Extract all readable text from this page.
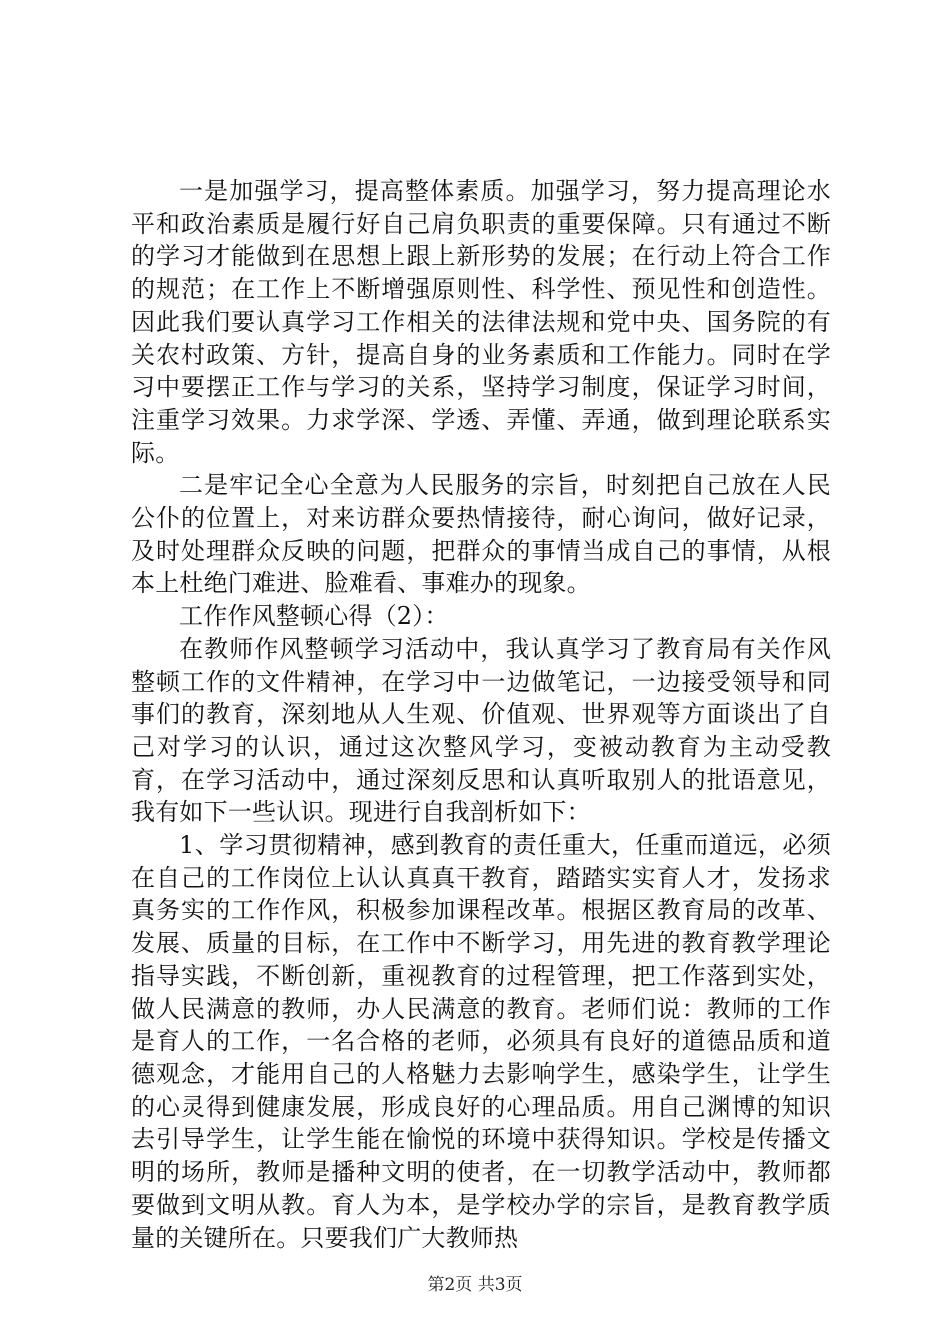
一是加强学习，提高整体素质。加强学习，努力提高理论水平和政治素质是履行好自己肩负职责的重要保障。只有通过不断的学习才能做到在思想上跟上新形势的发展；在行动上符合工作的规范；在工作上不断增强原则性、科学性、预见性和创造性。因此我们要认真学习工作相关的法律法规和党中央、国务院的有关农村政策、方针，提高自身的业务素质和工作能力。同时在学习中要摆正工作与学习的关系，坚持学习制度，保证学习时间，注重学习效果。力求学深、学透、弄懂、弄通，做到理论联系实际。

二是牢记全心全意为人民服务的宗旨，时刻把自己放在人民公仆的位置上，对来访群众要热情接待，耐心询问，做好记录，及时处理群众反映的问题，把群众的事情当成自己的事情，从根本上杜绝门难进、脸难看、事难办的现象。

工作作风整顿心得（2）：

在教师作风整顿学习活动中，我认真学习了教育局有关作风整顿工作的文件精神，在学习中一边做笔记，一边接受领导和同事们的教育，深刻地从人生观、价值观、世界观等方面谈出了自己对学习的认识，通过这次整风学习，变被动教育为主动受教育，在学习活动中，通过深刻反思和认真听取别人的批语意见，我有如下一些认识。现进行自我剖析如下：

1、学习贯彻精神，感到教育的责任重大，任重而道远，必须在自己的工作岗位上认认真真干教育，踏踏实实育人才，发扬求真务实的工作作风，积极参加课程改革。根据区教育局的改革、发展、质量的目标，在工作中不断学习，用先进的教育教学理论指导实践，不断创新，重视教育的过程管理，把工作落到实处，做人民满意的教师，办人民满意的教育。老师们说：教师的工作是育人的工作，一名合格的老师，必须具有良好的道德品质和道德观念，才能用自己的人格魅力去影响学生，感染学生，让学生的心灵得到健康发展，形成良好的心理品质。用自己渊博的知识去引导学生，让学生能在愉悦的环境中获得知识。学校是传播文明的场所，教师是播种文明的使者，在一切教学活动中，教师都要做到文明从教。育人为本，是学校办学的宗旨，是教育教学质量的关键所在。只要我们广大教师热

第2页 共3页
